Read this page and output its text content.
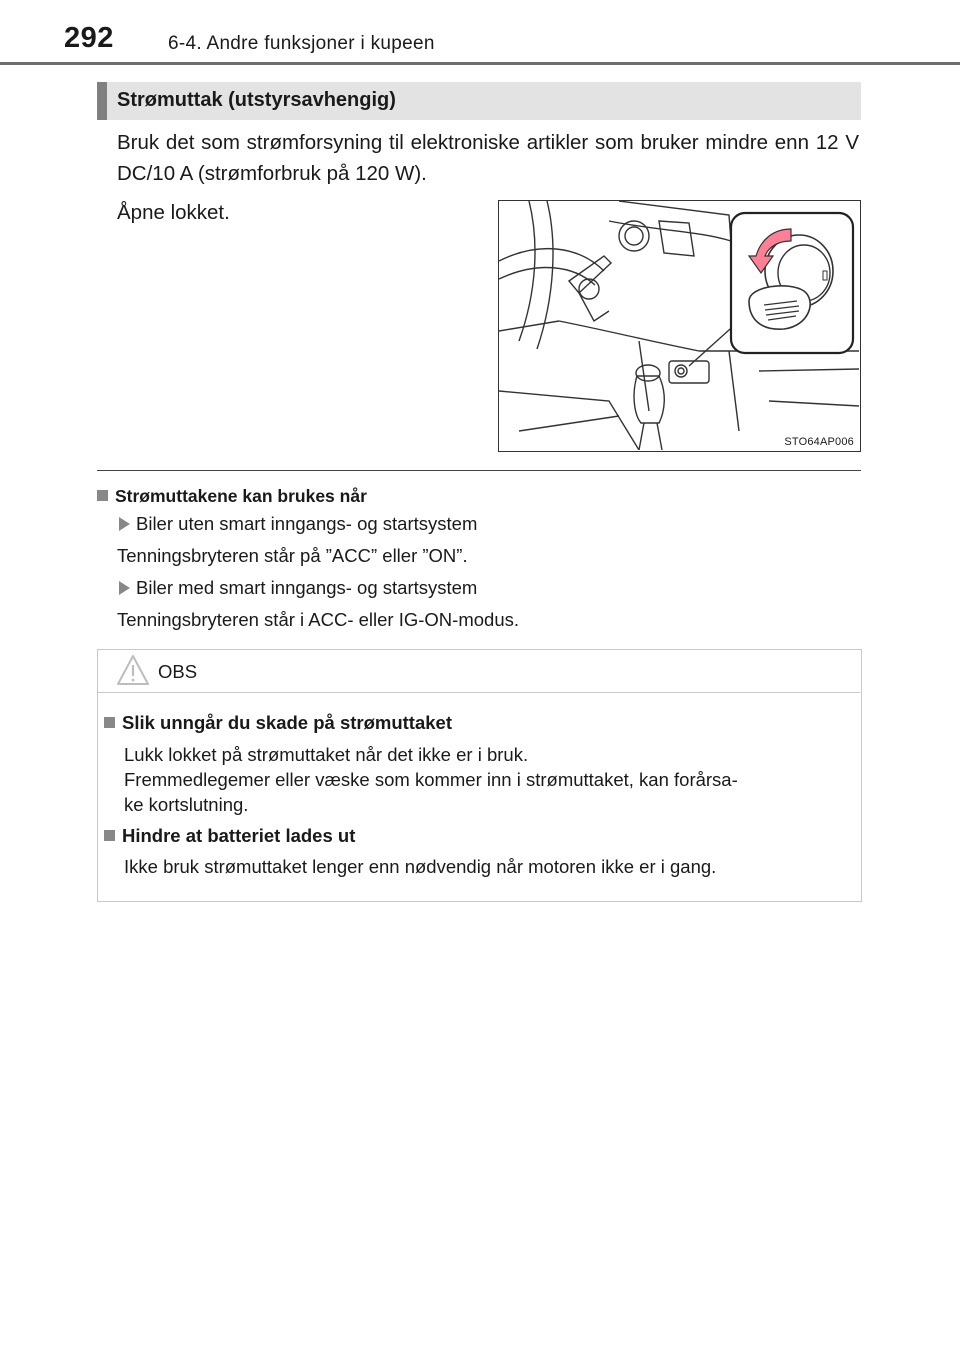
292	6-4. Andre funksjoner i kupeen
Strømuttak (utstyrsavhengig)
Bruk det som strømforsyning til elektroniske artikler som bruker mindre enn 12 V DC/10 A (strømforbruk på 120 W).
Åpne lokket.
STO64AP006
Strømuttakene kan brukes når
Biler uten smart inngangs- og startsystem
Tenningsbryteren står på ”ACC” eller ”ON”.
Biler med smart inngangs- og startsystem
Tenningsbryteren står i ACC- eller IG-ON-modus.
OBS
Slik unngår du skade på strømuttaket
Lukk lokket på strømuttaket når det ikke er i bruk.
Fremmedlegemer eller væske som kommer inn i strømuttaket, kan forårsa-
ke kortslutning.
Hindre at batteriet lades ut
Ikke bruk strømuttaket lenger enn nødvendig når motoren ikke er i gang.
